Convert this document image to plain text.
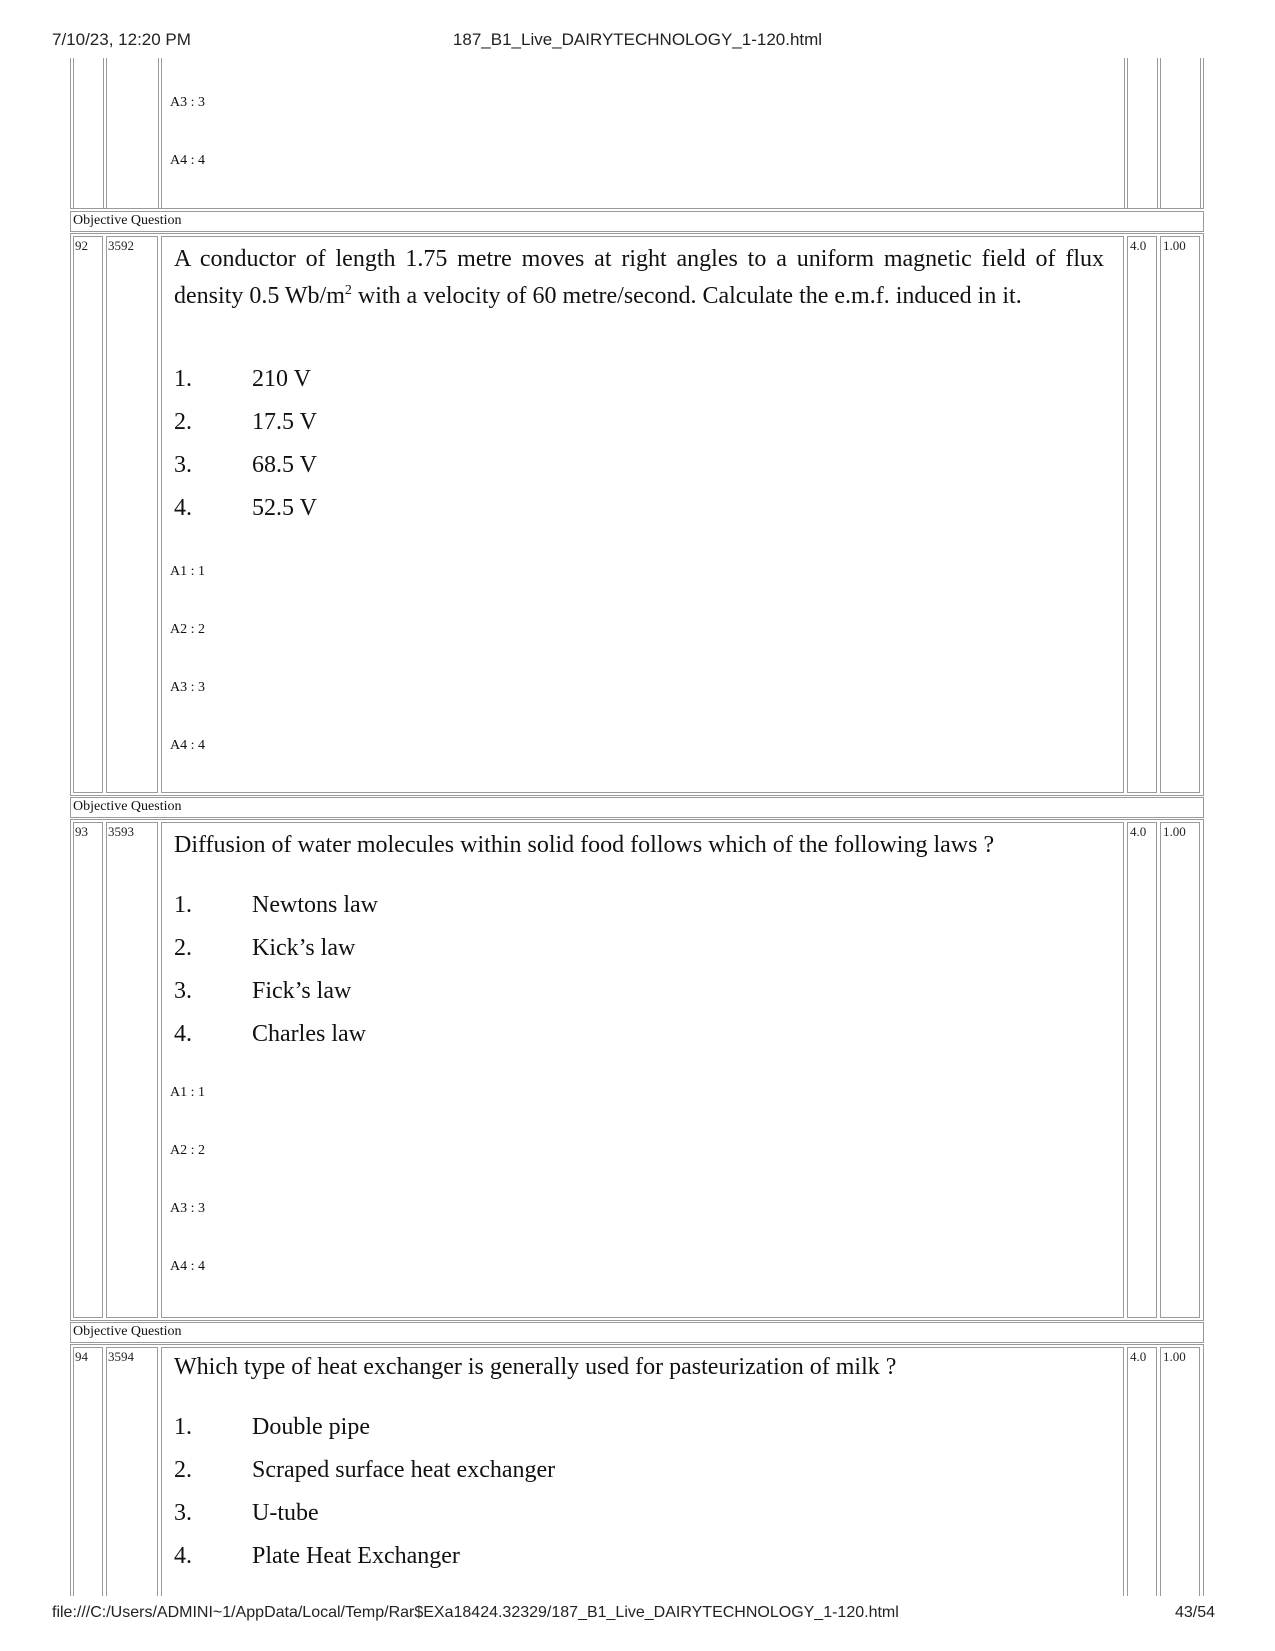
7/10/23, 12:20 PM	187_B1_Live_DAIRYTECHNOLOGY_1-120.html
file:///C:/Users/ADMINI~1/AppData/Local/Temp/Rar$EXa18424.32329/187_B1_Live_DAIRYTECHNOLOGY_1-120.html	43/54
A3 : 3
A4 : 4
Objective Question
92 3592	4.0 1.00
A conductor of length 1.75 metre moves at right angles to a uniform magnetic field of flux density 0.5 $Wb/m^2$ with a velocity of 60 metre/second. Calculate the e.m.f. induced in it.
1.	210 V
2.	17.5 V
3.	68.5 V
4.	52.5 V
A1 : 1
A2 : 2
A3 : 3
A4 : 4
Objective Question
93 3593	4.0 1.00
Diffusion of water molecules within solid food follows which of the following laws ?
1.	Newtons law
2.	Kick’s law
3.	Fick’s law
4.	Charles law
A1 : 1
A2 : 2
A3 : 3
A4 : 4
Objective Question
94 3594	4.0 1.00
Which type of heat exchanger is generally used for pasteurization of milk ?
1.	Double pipe
2.	Scraped surface heat exchanger
3.	U-tube
4.	Plate Heat Exchanger
